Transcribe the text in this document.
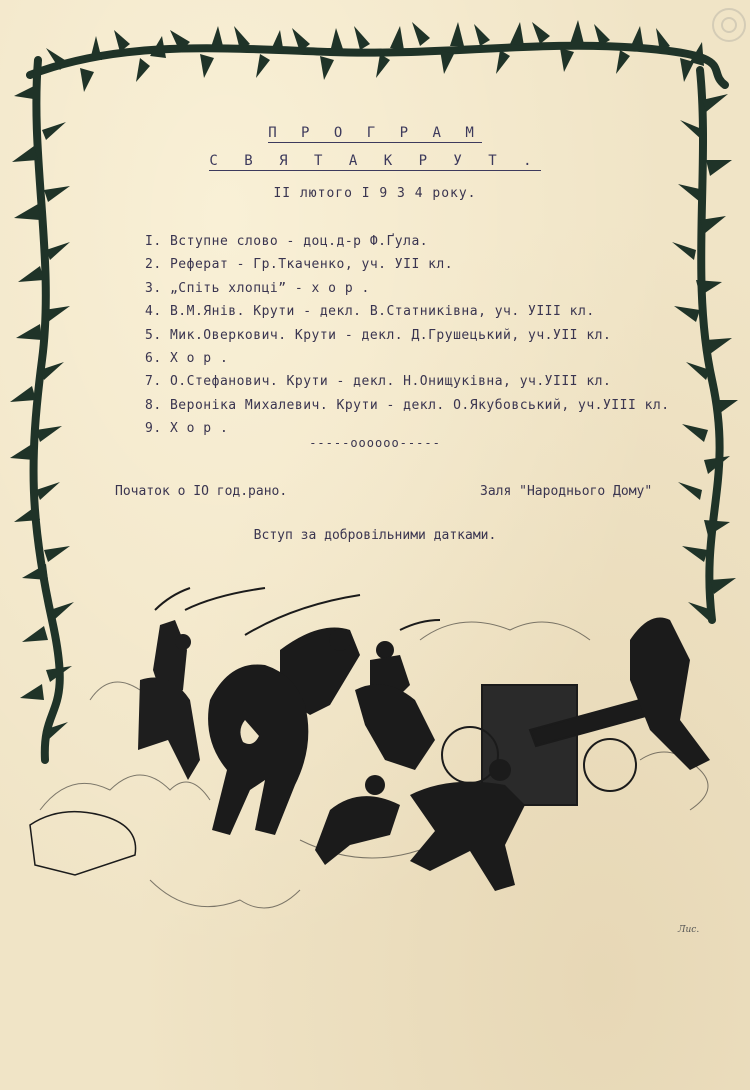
П Р О Г Р А М
С В Я Т А К Р У Т .
II лютого I 9 3 4 року.
I. Вступне слово - доц.д-р Ф.Ґула.
2. Реферат - Гр.Ткаченко, уч. УІІ кл.
3. „Спіть хлопці” - х о р .
4. В.М.Янів. Крути - декл. В.Статниківна, уч. УІІІ кл.
5. Мик.Оверкович. Крути - декл. Д.Грушецький, уч.УІІ кл.
6. Х о р .
7. О.Стефанович. Крути - декл. Н.Онищуківна, уч.УІІІ кл.
8. Вероніка Михалевич. Крути - декл. О.Якубовський, уч.УІІІ кл.
9. Х о р .
-----оооооо-----
Початок о IO год.рано.	Заля "Народнього Дому"
Вступ за добровільними датками.
Лис.
